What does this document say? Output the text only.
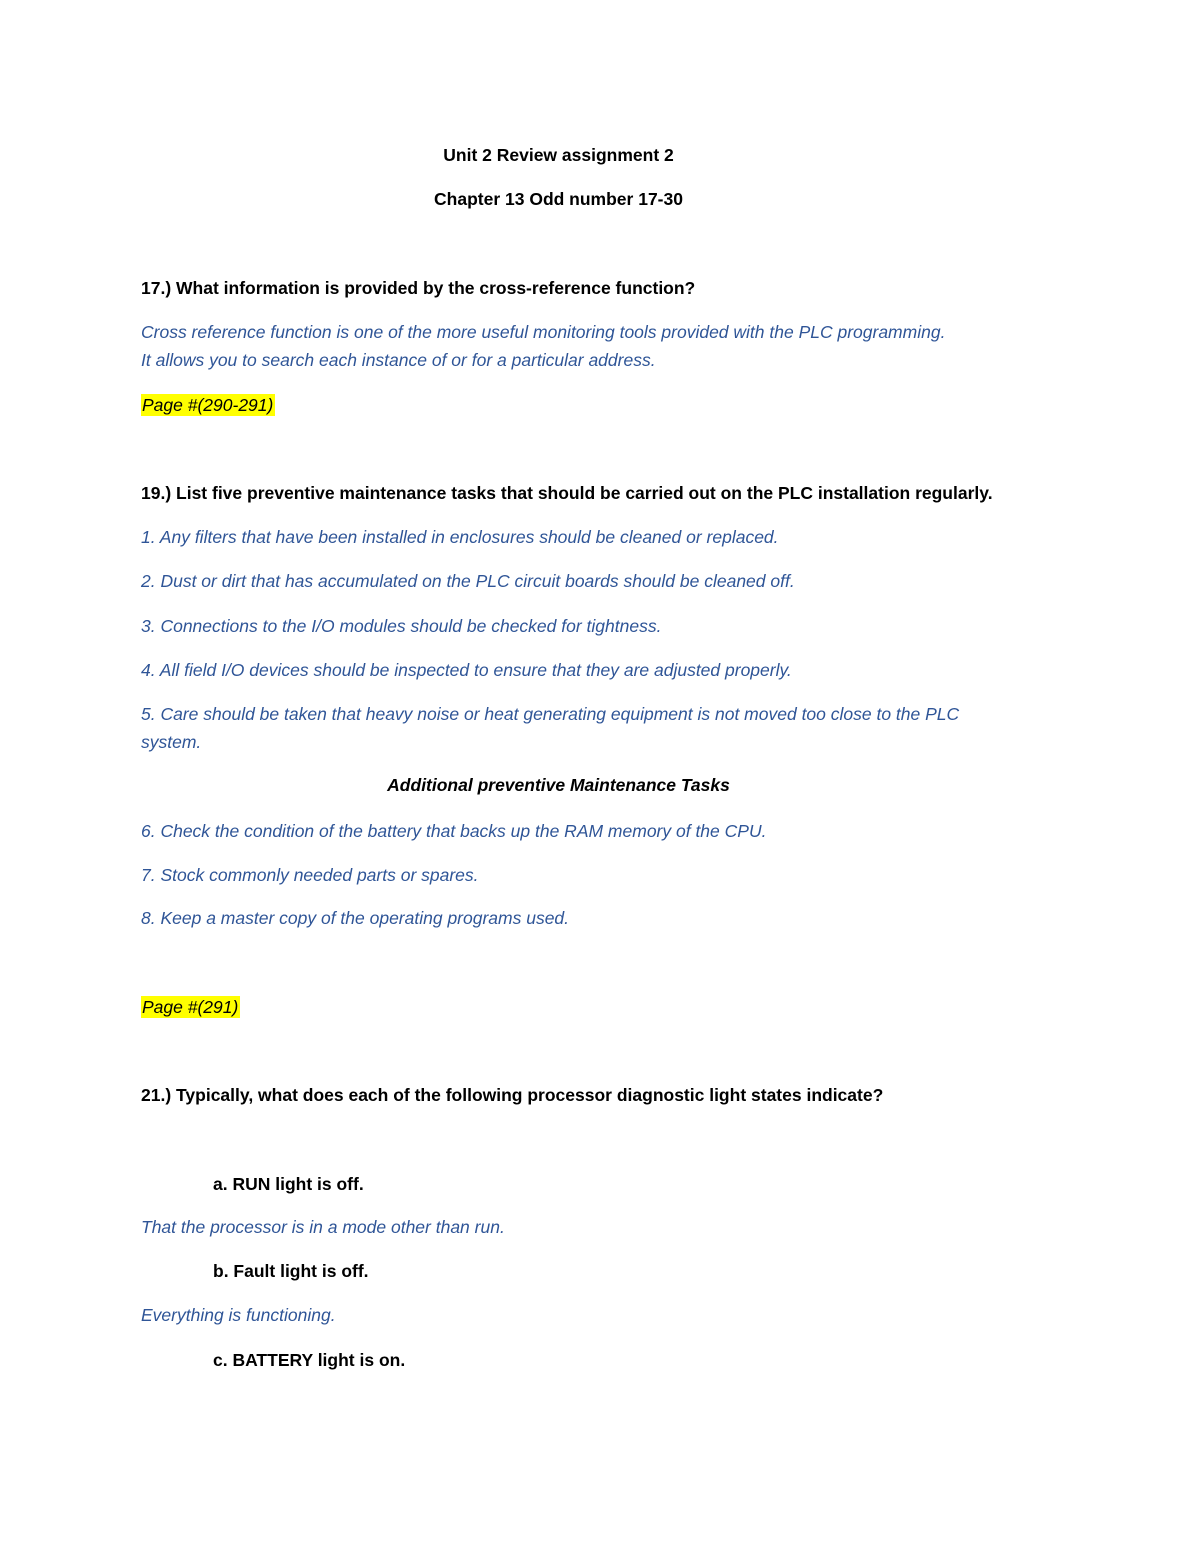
Unit 2 Review assignment 2
Chapter 13 Odd number 17-30
17.) What information is provided by the cross-reference function?
Cross reference function is one of the more useful monitoring tools provided with the PLC programming.
It allows you to search each instance of or for a particular address.
Page #(290-291)
19.) List five preventive maintenance tasks that should be carried out on the PLC installation regularly.
1. Any filters that have been installed in enclosures should be cleaned or replaced.
2. Dust or dirt that has accumulated on the PLC circuit boards should be cleaned off.
3. Connections to the I/O modules should be checked for tightness.
4. All field I/O devices should be inspected to ensure that they are adjusted properly.
5. Care should be taken that heavy noise or heat generating equipment is not moved too close to the PLC
system.
Additional preventive Maintenance Tasks
6. Check the condition of the battery that backs up the RAM memory of the CPU.
7. Stock commonly needed parts or spares.
8. Keep a master copy of the operating programs used.
Page #(291)
21.) Typically, what does each of the following processor diagnostic light states indicate?
a. RUN light is off.
That the processor is in a mode other than run.
b. Fault light is off.
Everything is functioning.
c. BATTERY light is on.
